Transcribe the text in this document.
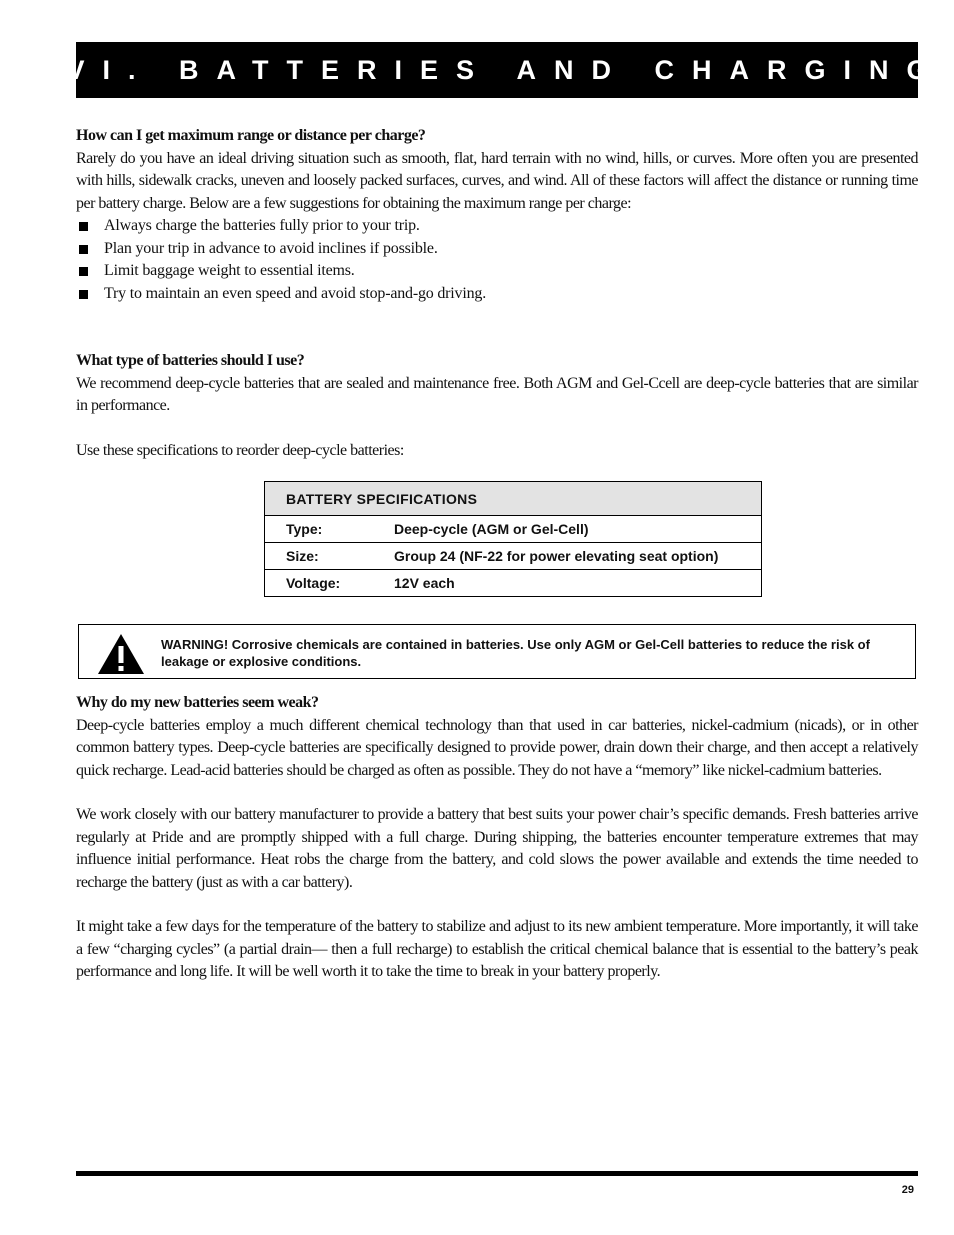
VI. BATTERIES AND CHARGING

How can I get maximum range or distance per charge?

Rarely do you have an ideal driving situation such as smooth, flat, hard terrain with no wind, hills, or curves. More often you are presented with hills, sidewalk cracks, uneven and loosely packed surfaces, curves, and wind. All of these factors will affect the distance or running time per battery charge. Below are a few suggestions for obtaining the maximum range per charge:

Always charge the batteries fully prior to your trip.
Plan your trip in advance to avoid inclines if possible.
Limit baggage weight to essential items.
Try to maintain an even speed and avoid stop-and-go driving.

What type of batteries should I use?

We recommend deep-cycle batteries that are sealed and maintenance free. Both AGM and Gel-Ccell are deep-cycle batteries that are similar in performance.

Use these specifications to reorder deep-cycle batteries:

BATTERY SPECIFICATIONS	
Type:	Deep-cycle (AGM or Gel-Cell)
Size:	Group 24 (NF-22 for power elevating seat option)
Voltage:	12V each
WARNING! Corrosive chemicals are contained in batteries. Use only AGM or Gel-Cell batteries to reduce the risk of leakage or explosive conditions.

Why do my new batteries seem weak?

Deep-cycle batteries employ a much different chemical technology than that used in car batteries, nickel-cadmium (nicads), or in other common battery types. Deep-cycle batteries are specifically designed to provide power, drain down their charge, and then accept a relatively quick recharge. Lead-acid batteries should be charged as often as possible. They do not have a “memory” like nickel-cadmium batteries.

We work closely with our battery manufacturer to provide a battery that best suits your power chair’s specific demands. Fresh batteries arrive regularly at Pride and are promptly shipped with a full charge. During shipping, the batteries encounter temperature extremes that may influence initial performance. Heat robs the charge from the battery, and cold slows the power available and extends the time needed to recharge the battery (just as with a car battery).

It might take a few days for the temperature of the battery to stabilize and adjust to its new ambient temperature. More importantly, it will take a few “charging cycles” (a partial drain— then a full recharge) to establish the critical chemical balance that is essential to the battery’s peak performance and long life. It will be well worth it to take the time to break in your battery properly.

29
